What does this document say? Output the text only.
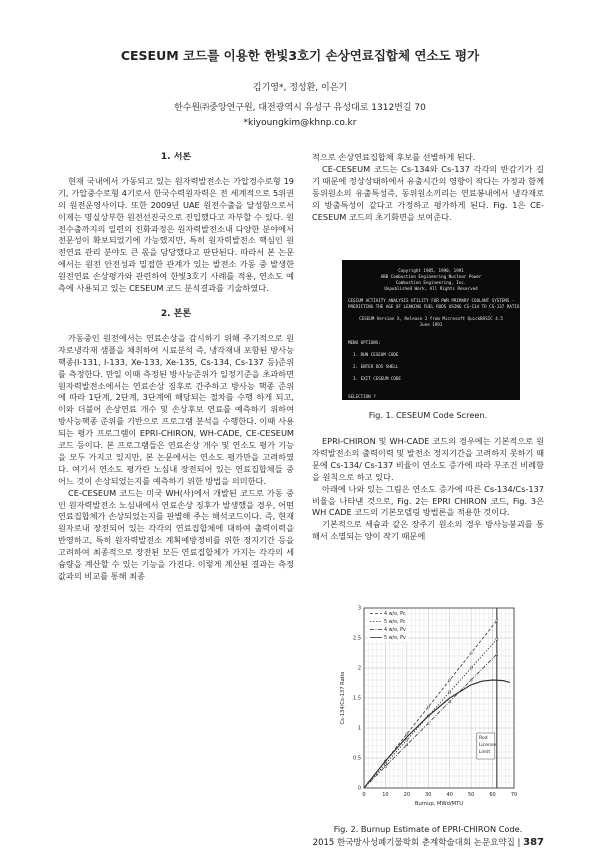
CESEUM 코드를 이용한 한빛3호기 손상연료집합체 연소도 평가
김기영*, 정성환, 이은기
한수원㈜중앙연구원, 대전광역시 유성구 유성대로 1312번길 70
*kiyoungkim@khnp.co.kr
1. 서론

현재 국내에서 가동되고 있는 원자력발전소는 가압경수로형 19기, 가압중수로형 4기로서 한국수력원자력은 전 세계적으로 5위권의 원전운영사이다. 또한 2009년 UAE 원전수출을 달성함으로서 이제는 명실상부한 원전선진국으로 진입했다고 자부할 수 있다. 원전수출까지의 일련의 진화과정은 원자력발전소내 다양한 분야에서 전문성이 확보되었기에 가능했지만, 특히 원자력발전소 핵심인 원전연료 관리 분야도 큰 몫을 담당했다고 판단된다. 따라서 본 논문에서는 원전 안전성과 밀접한 관계가 있는 발전소 가동 중 발생한 원전연료 손상평가와 관련하여 한빛3호기 사례를 적용, 연소도 예측에 사용되고 있는 CESEUM 코드 분석결과를 기술하였다.

2. 본론

가동중인 원전에서는 연료손상을 감시하기 위해 주기적으로 원자로냉각재 샘플을 채취하여 시료분석 즉, 냉각재내 포함된 방사능 핵종(I-131, I-133, Xe-133, Xe-135, Cs-134, Cs-137 등)준위를 측정한다. 만일 이때 측정된 방사능준위가 일정기준을 초과하면 원자력발전소에서는 연료손상 징후로 간주하고 방사능 핵종 준위에 따라 1단계, 2단계, 3단계에 해당되는 절차를 수행 하게 되고, 이와 더불어 손상연료 개수 및 손상후보 연료를 예측하기 위하여 방사능핵종 준위를 기반으로 프로그램 분석을 수행한다. 이때 사용되는 평가 프로그램이 EPRI-CHIRON, WH-CADE, CE-CESEUM 코드 등이다. 본 프로그램들은 연료손상 개수 및 연소도 평가 기능을 모두 가지고 있지만, 본 논문에서는 연소도 평가만을 고려하였다. 여기서 연소도 평가란 노심내 장전되어 있는 연료집합체들 중 어느 것이 손상되었는지를 예측하기 위한 방법을 의미한다.

CE-CESEUM 코드는 미국 WH(사)에서 개발된 코드로 가동 중 인 원자력발전소 노심내에서 연료손상 징후가 발생했을 경우, 어떤 연료집합체가 손상되었는지를 판별해 주는 해석코드이다. 즉, 현재 원자로내 장전되어 있는 각각의 연료집합체에 대하여 출력이력을 반영하고, 특히 원자력발전소 계획예방정비를 위한 정지기간 등을 고려하여 최종적으로 장전된 모든 연료집합체가 가지는 각각의 세슘량을 계산할 수 있는 기능을 가진다. 이렇게 계산된 결과는 측정값과의 비교를 통해 최종

적으로 손상연료집합체 후보를 선별하게 된다.

CE-CESEUM 코드는 Cs-134와 Cs-137 각각의 반감기가 길기 때문에 정상상태하에서 유출시간의 영향이 작다는 가정과 함께 동위원소의 유출특성즉, 동위원소끼리는 연료봉내에서 냉각재로의 방출특성이 같다고 가정하고 평가하게 된다. Fig. 1은 CE-CESEUM 코드의 초기화면을 보여준다.

Copyright 1985, 1990, 1991
ABB Combustion Engineering Nuclear Power
Combustion Engineering, Inc.
Unpublished Work, All Rights Reserved

CESIUM ACTIVITY ANALYSIS UTILITY FOR PWR PRIMARY COOLANT SYSTEMS -
PREDICTING THE AGE OF LEAKING FUEL RODS USING CS-134 TO CS-137 RATIO

CESEUM Version X, Release 2 from Microsoft QuickBASIC 4.5
June 1991

MENU OPTIONS:

1. RUN CESEUM CODE

2. ENTER DOS SHELL

3. EXIT CESEUM CODE

SELECTION ?
Fig. 1. CESEUM Code Screen.

EPRI-CHIRON 및 WH-CADE 코드의 경우에는 기본적으로 원자력발전소의 출력이력 및 발전소 정지기간을 고려하지 못하기 때문에 Cs-134/ Cs-137 비율이 연소도 증가에 따라 무조건 비례함을 원칙으로 하고 있다.

아래에 나와 있는 그림은 연소도 증가에 따른 Cs-134/Cs-137 비율을 나타낸 것으로, Fig. 2는 EPRI CHIRON 코드, Fig. 3은 WH CADE 코드의 기본모델링 방법론을 적용한 것이다.

기본적으로 세슘과 같은 장주기 원소의 경우 방사능붕괴를 통해서 소멸되는 양이 작기 때문에

0	10	20	30	40	50	60	70
0
0.5
1
1.5
2
2.5
3
Burnup, MWd/MTU
Cs-134/Cs-137 Ratio
Rod
License
Limit
4 w/o, Pc
5 w/o, Pc
4 w/o, Pv
5 w/o, Pv
Fig. 2. Burnup Estimate of EPRI-CHIRON Code.
2015 한국방사성폐기물학회 춘계학술대회 논문요약집 | 387
